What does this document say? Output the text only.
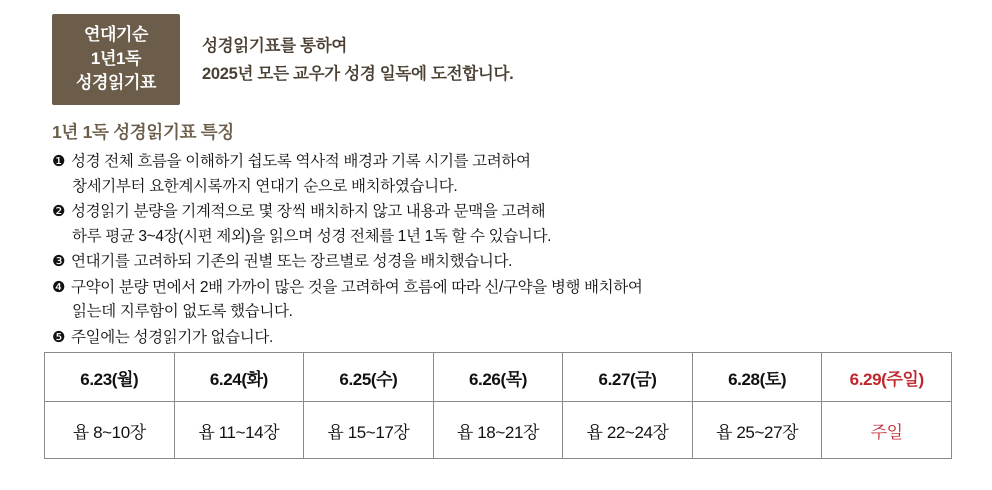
연대기순
1년1독
성경읽기표
성경읽기표를 통하여
2025년 모든 교우가 성경 일독에 도전합니다.
1년 1독 성경읽기표 특징
❶ 성경 전체 흐름을 이해하기 쉽도록 역사적 배경과 기록 시기를 고려하여
창세기부터 요한계시록까지 연대기 순으로 배치하였습니다.
❷ 성경읽기 분량을 기계적으로 몇 장씩 배치하지 않고 내용과 문맥을 고려해
하루 평균 3~4장(시편 제외)을 읽으며 성경 전체를 1년 1독 할 수 있습니다.
❸ 연대기를 고려하되 기존의 권별 또는 장르별로 성경을 배치했습니다.
❹ 구약이 분량 면에서 2배 가까이 많은 것을 고려하여 흐름에 따라 신/구약을 병행 배치하여
읽는데 지루함이 없도록 했습니다.
❺ 주일에는 성경읽기가 없습니다.
6.23(월)	6.24(화)	6.25(수)	6.26(목)	6.27(금)	6.28(토)	6.29(주일)
욥 8~10장	욥 11~14장	욥 15~17장	욥 18~21장	욥 22~24장	욥 25~27장	주일
